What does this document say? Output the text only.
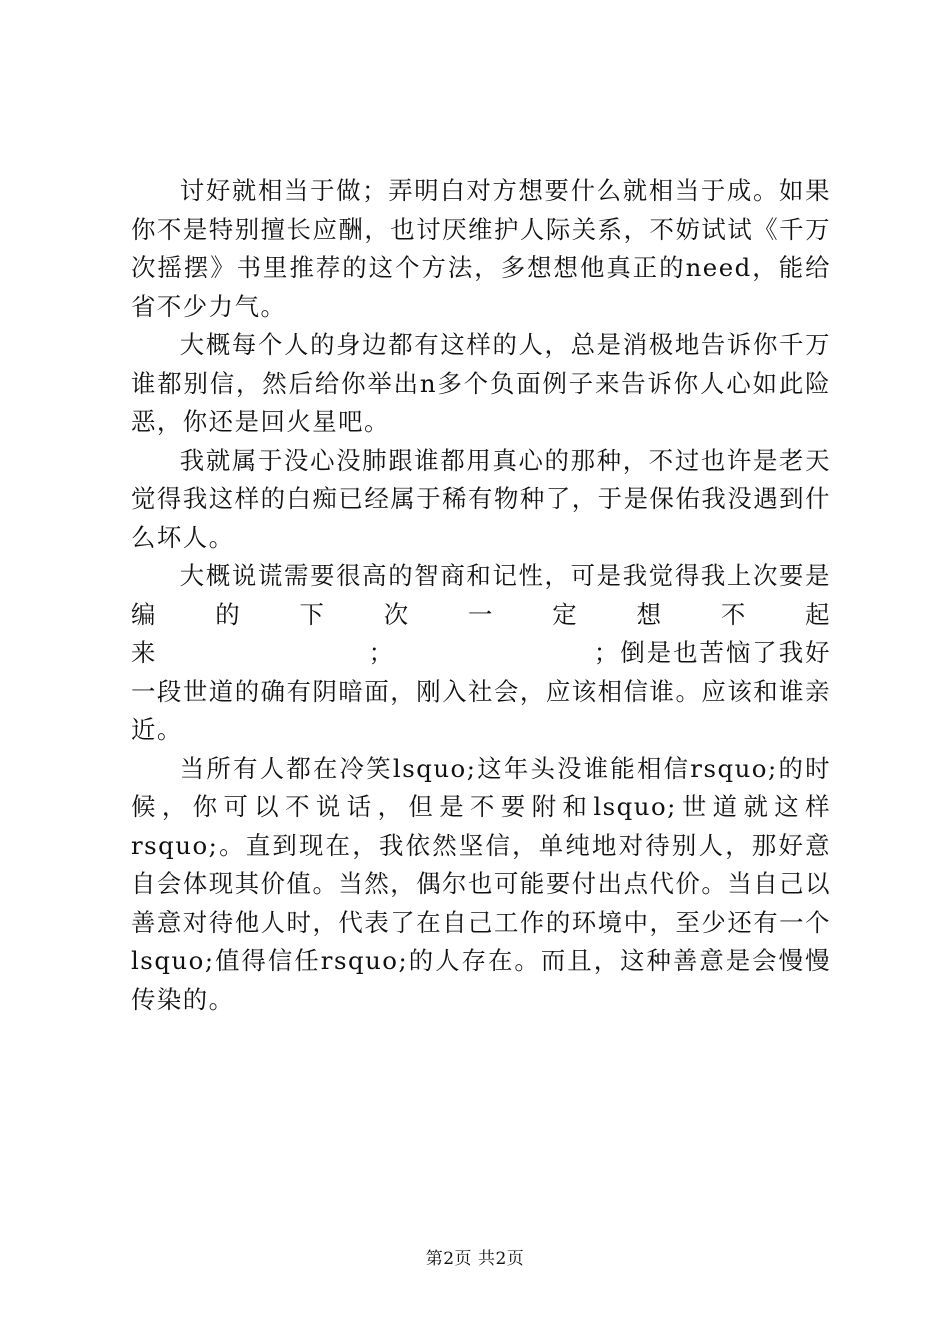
讨好就相当于做；弄明白对方想要什么就相当于成。如果你不是特别擅长应酬，也讨厌维护人际关系，不妨试试《千万次摇摆》书里推荐的这个方法，多想想他真正的need，能给省不少力气。

大概每个人的身边都有这样的人，总是消极地告诉你千万谁都别信，然后给你举出n多个负面例子来告诉你人心如此险恶，你还是回火星吧。

我就属于没心没肺跟谁都用真心的那种，不过也许是老天觉得我这样的白痴已经属于稀有物种了，于是保佑我没遇到什么坏人。

大概说谎需要很高的智商和记性，可是我觉得我上次要是编的下次一定想不起来　　　　　　　　；　　　　　　　　；倒是也苦恼了我好一段世道的确有阴暗面，刚入社会，应该相信谁。应该和谁亲近。

当所有人都在冷笑lsquo;这年头没谁能相信rsquo;的时候，你可以不说话，但是不要附和lsquo;世道就这样rsquo;。直到现在，我依然坚信，单纯地对待别人，那好意自会体现其价值。当然，偶尔也可能要付出点代价。当自己以善意对待他人时，代表了在自己工作的环境中，至少还有一个lsquo;值得信任rsquo;的人存在。而且，这种善意是会慢慢传染的。

第2页 共2页
